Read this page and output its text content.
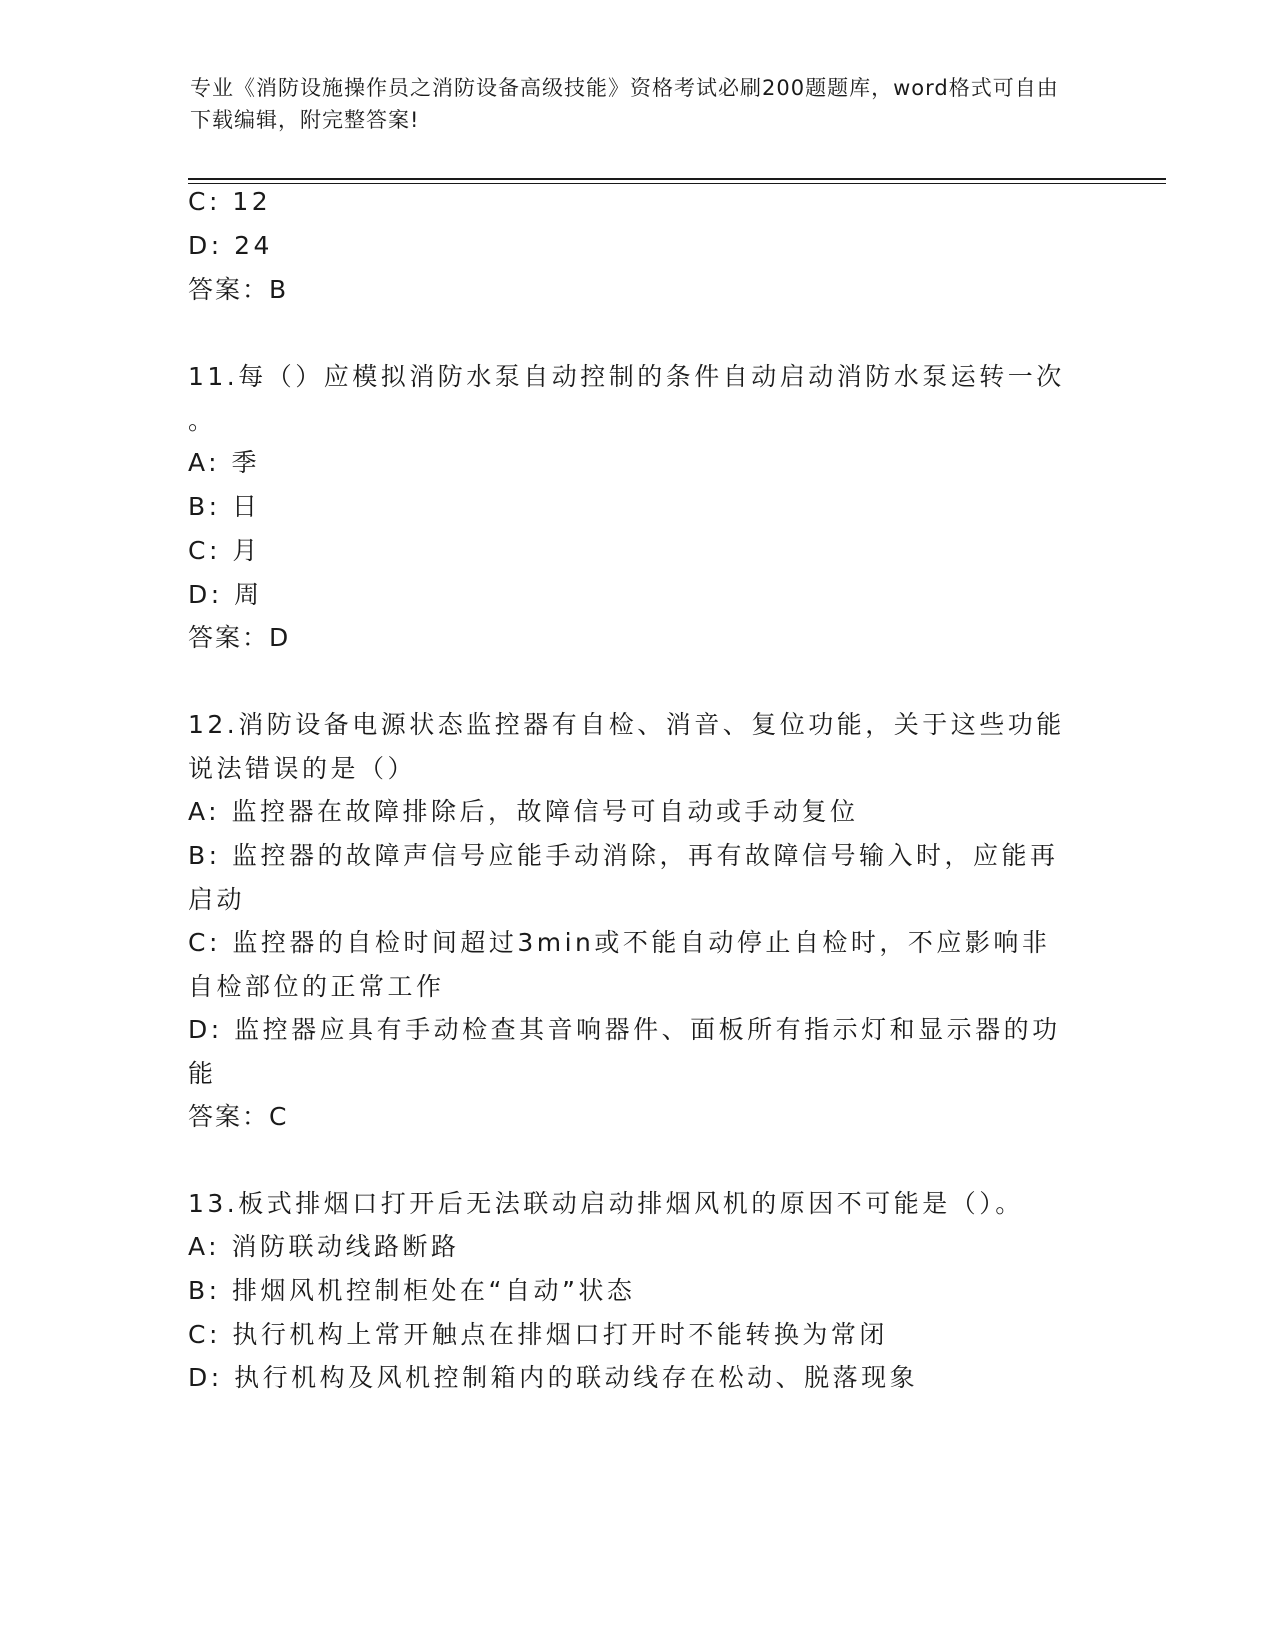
专业《消防设施操作员之消防设备高级技能》资格考试必刷200题题库，word格式可自由下载编辑，附完整答案!
C: 12
D: 24
答案：B
11.每（）应模拟消防水泵自动控制的条件自动启动消防水泵运转一次
。
A: 季
B: 日
C: 月
D: 周
答案：D
12.消防设备电源状态监控器有自检、消音、复位功能，关于这些功能
说法错误的是（）
A: 监控器在故障排除后，故障信号可自动或手动复位
B: 监控器的故障声信号应能手动消除，再有故障信号输入时，应能再
启动
C: 监控器的自检时间超过3min或不能自动停止自检时，不应影响非
自检部位的正常工作
D: 监控器应具有手动检查其音响器件、面板所有指示灯和显示器的功
能
答案：C
13.板式排烟口打开后无法联动启动排烟风机的原因不可能是（）。
A: 消防联动线路断路
B: 排烟风机控制柜处在“自动”状态
C: 执行机构上常开触点在排烟口打开时不能转换为常闭
D: 执行机构及风机控制箱内的联动线存在松动、脱落现象
